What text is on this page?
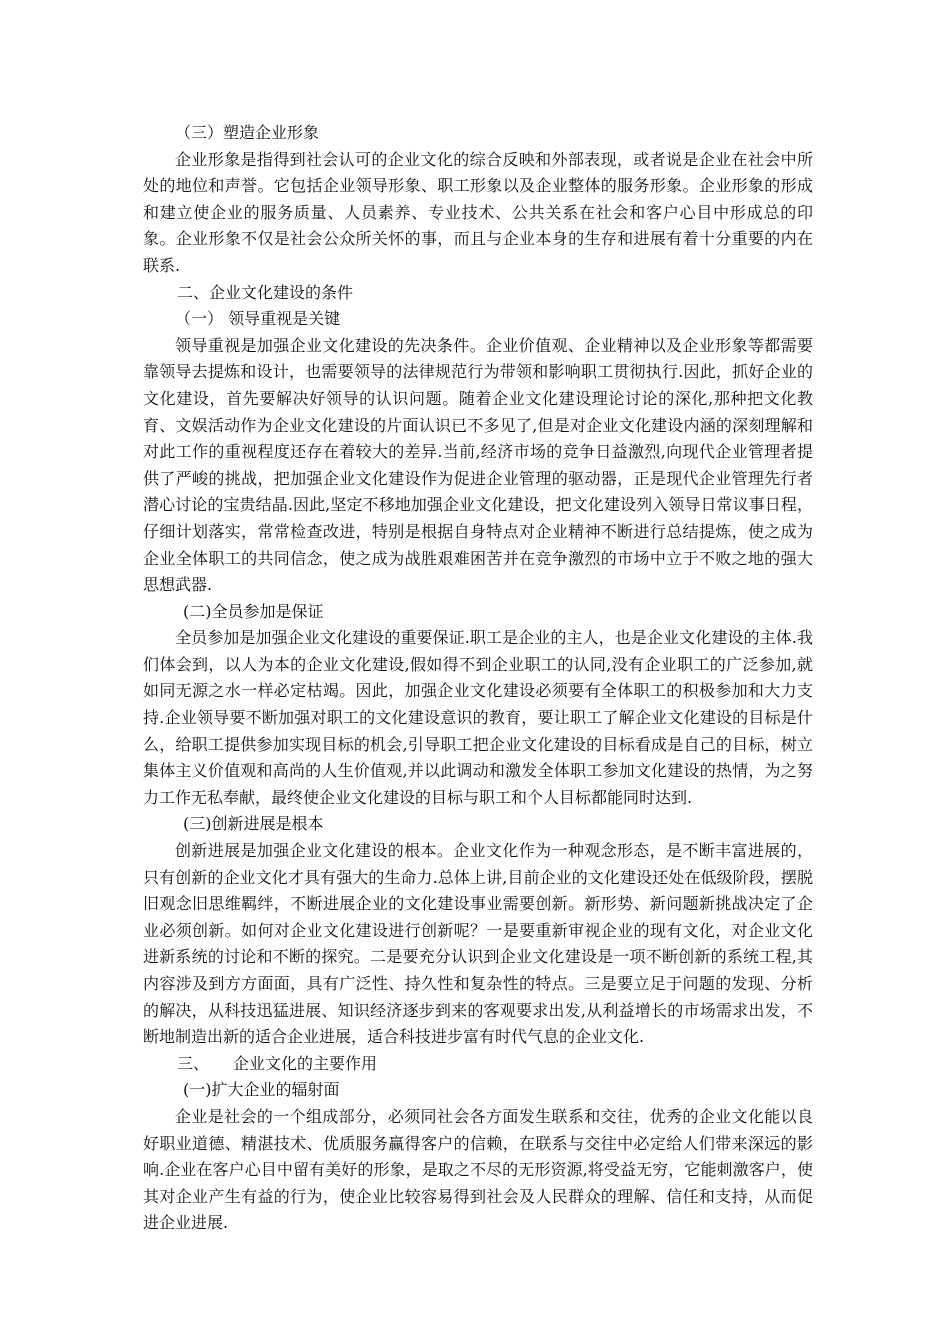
（三）塑造企业形象

企业形象是指得到社会认可的企业文化的综合反映和外部表现，或者说是企业在社会中所处的地位和声誉。它包括企业领导形象、职工形象以及企业整体的服务形象。企业形象的形成和建立使企业的服务质量、人员素养、专业技术、公共关系在社会和客户心目中形成总的印象。企业形象不仅是社会公众所关怀的事，而且与企业本身的生存和进展有着十分重要的内在联系.

二、企业文化建设的条件

（一） 领导重视是关键

领导重视是加强企业文化建设的先决条件。企业价值观、企业精神以及企业形象等都需要靠领导去提炼和设计，也需要领导的法律规范行为带领和影响职工贯彻执行.因此，抓好企业的文化建设，首先要解决好领导的认识问题。随着企业文化建设理论讨论的深化,那种把文化教育、文娱活动作为企业文化建设的片面认识已不多见了,但是对企业文化建设内涵的深刻理解和对此工作的重视程度还存在着较大的差异.当前,经济市场的竞争日益激烈,向现代企业管理者提供了严峻的挑战，把加强企业文化建设作为促进企业管理的驱动器，正是现代企业管理先行者潜心讨论的宝贵结晶.因此,坚定不移地加强企业文化建设，把文化建设列入领导日常议事日程，仔细计划落实，常常检查改进，特别是根据自身特点对企业精神不断进行总结提炼，使之成为企业全体职工的共同信念，使之成为战胜艰难困苦并在竞争激烈的市场中立于不败之地的强大思想武器.

(二)全员参加是保证

全员参加是加强企业文化建设的重要保证.职工是企业的主人，也是企业文化建设的主体.我们体会到，以人为本的企业文化建设,假如得不到企业职工的认同,没有企业职工的广泛参加,就如同无源之水一样必定枯竭。因此，加强企业文化建设必须要有全体职工的积极参加和大力支持.企业领导要不断加强对职工的文化建设意识的教育，要让职工了解企业文化建设的目标是什么，给职工提供参加实现目标的机会,引导职工把企业文化建设的目标看成是自己的目标，树立集体主义价值观和高尚的人生价值观,并以此调动和激发全体职工参加文化建设的热情，为之努力工作无私奉献，最终使企业文化建设的目标与职工和个人目标都能同时达到.

(三)创新进展是根本

创新进展是加强企业文化建设的根本。企业文化作为一种观念形态，是不断丰富进展的，只有创新的企业文化才具有强大的生命力.总体上讲,目前企业的文化建设还处在低级阶段，摆脱旧观念旧思维羁绊，不断进展企业的文化建设事业需要创新。新形势、新问题新挑战决定了企业必须创新。如何对企业文化建设进行创新呢？一是要重新审视企业的现有文化，对企业文化进新系统的讨论和不断的探究。二是要充分认识到企业文化建设是一项不断创新的系统工程,其内容涉及到方方面面，具有广泛性、持久性和复杂性的特点。三是要立足于问题的发现、分析的解决，从科技迅猛进展、知识经济逐步到来的客观要求出发,从利益增长的市场需求出发，不断地制造出新的适合企业进展，适合科技进步富有时代气息的企业文化.

三、 企业文化的主要作用

(一)扩大企业的辐射面

企业是社会的一个组成部分，必须同社会各方面发生联系和交往，优秀的企业文化能以良好职业道德、精湛技术、优质服务赢得客户的信赖，在联系与交往中必定给人们带来深远的影响.企业在客户心目中留有美好的形象，是取之不尽的无形资源,将受益无穷，它能刺激客户，使其对企业产生有益的行为，使企业比较容易得到社会及人民群众的理解、信任和支持，从而促进企业进展.
